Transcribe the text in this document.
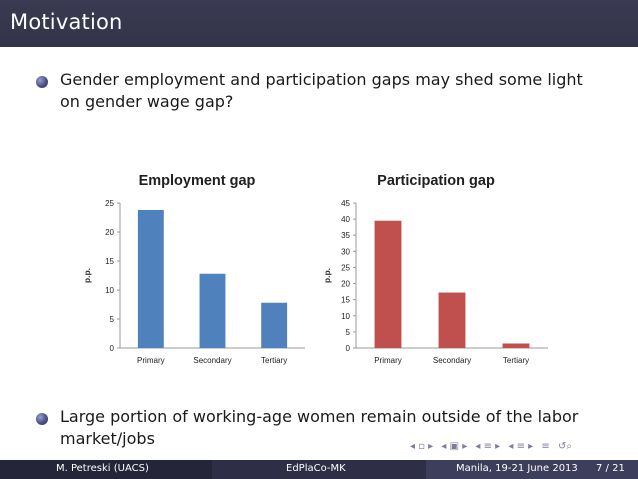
Motivation
Gender employment and participation gaps may shed some light on gender wage gap?
Employment gap
p.p.
0
5
10
15
20
25
Primary	Secondary	Tertiary
Participation gap
p.p.
0
5
10
15
20
25
30
35
40
45
Primary	Secondary	Tertiary
Large portion of working-age women remain outside of the labor market/jobs	◂ ▫ ▸ ◂ ▣ ▸ ◂ ≡ ▸ ◂ ≡ ▸ ≡ ↺⌕
M. Petreski (UACS)	EdPlaCo-MK	Manila, 19-21 June 2013 7 / 21
